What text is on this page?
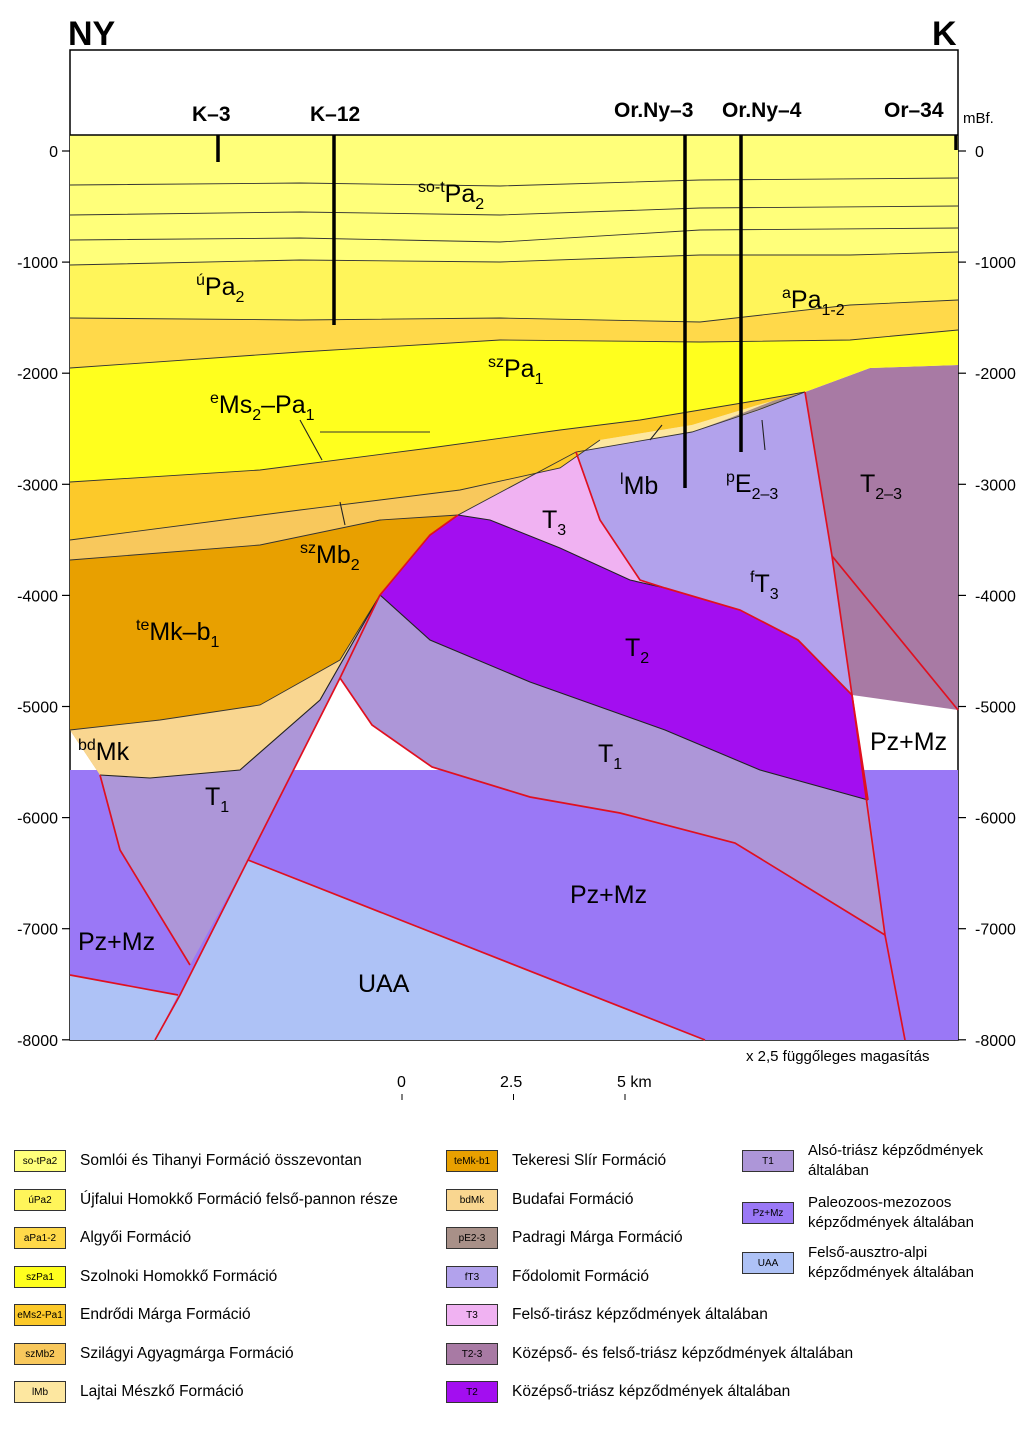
NY	K
K–3	K–12	Or.Ny–3 Or.Ny–4	Or–34
0
-1000
-2000
-3000
-4000
-5000
-6000
-7000
-8000
0
-1000
-2000
-3000
-4000
-5000
-6000
-7000
-8000
mBf.
$^{so-t}Pa_2$
$^úPa_2$	$^aPa_{1-2}$
$^{sz}Pa_1$
$^eMs_2-Pa_1$
$^{sz}Mb_2$
$^{te}Mk-b_1$
$^{bd}$Mk
$^l$Mb	$^pE_{2-3}$
$T_3$
$^fT_3$
$T_{2-3}$
$T_2$
$T_1$
$T_1$
Pz+Mz
Pz+Mz
Pz+Mz
UAA
x 2,5 függőleges magasítás
0	2.5	5 km
so-tPa2	Somlói és Tihanyi Formáció összevontan
úPa2	Újfalui Homokkő Formáció felső-pannon része
aPa1-2	Algyői Formáció
szPa1	Szolnoki Homokkő Formáció
eMs2-Pa1 Endrődi Márga Formáció
szMb2	Szilágyi Agyagmárga Formáció
lMb	Lajtai Mészkő Formáció
teMk-b1	Tekeresi Slír Formáció
bdMk	Budafai Formáció
pE2-3	Padragi Márga Formáció
fT3	Fődolomit Formáció
T3	Felső-tirász képződmények általában
T2-3	Középső- és felső-triász képződmények általában
T2	Középső-triász képződmények általában
T1
Alsó-triász képződmények általában
Pz+Mz
Paleozoos-mezozoos képződmények általában
UAA
Felső-ausztro-alpi képződmények általában
